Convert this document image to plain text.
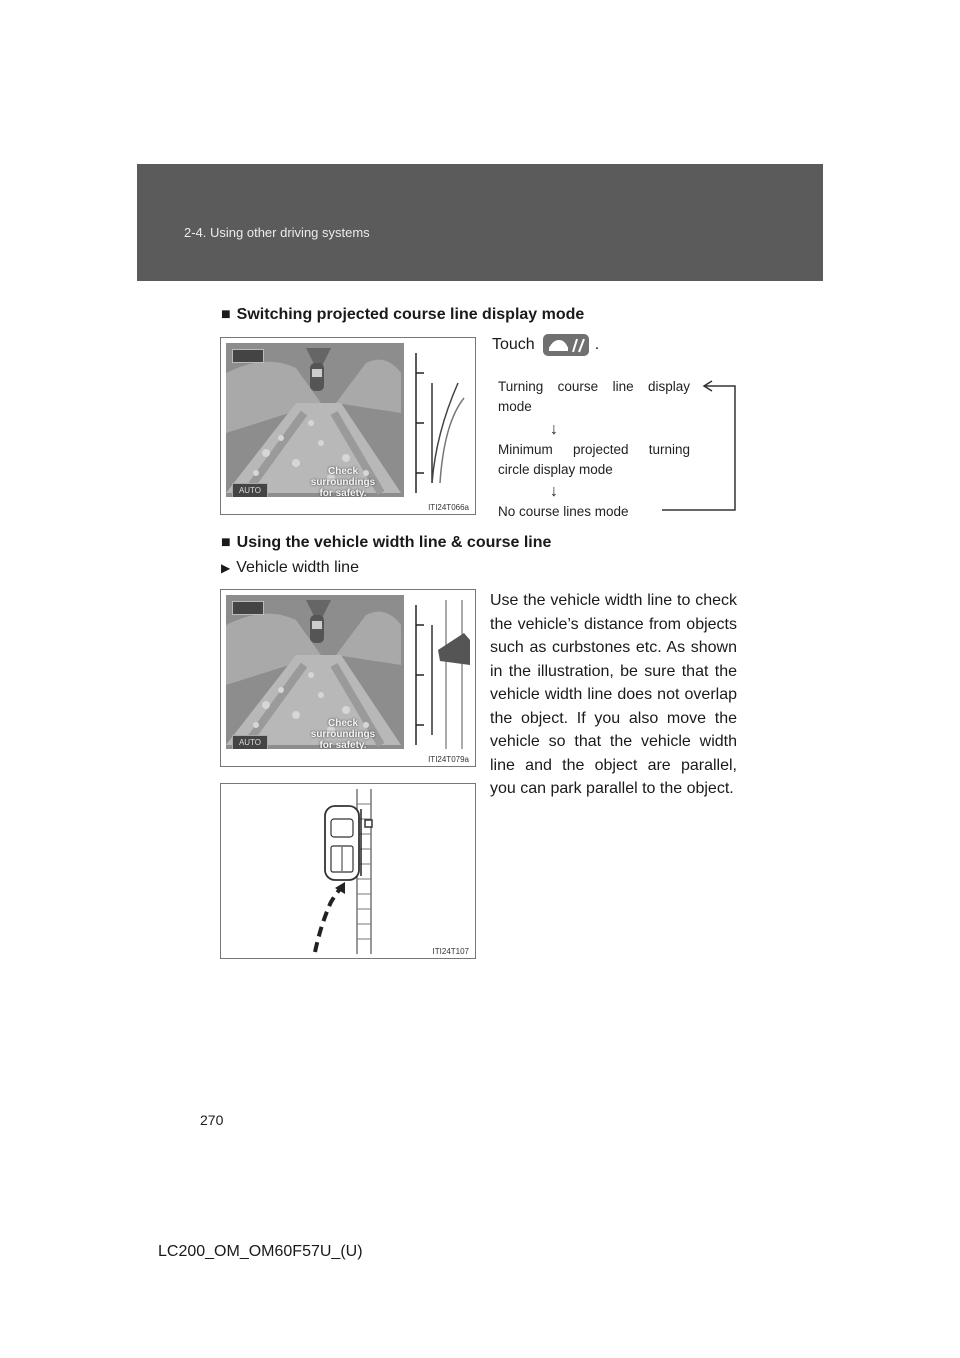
2-4. Using other driving systems
■ Switching projected course line display mode
Touch	.
Check surroundings
for safety.
AUTO
ITI24T066a
Turning course line display mode
↓
Minimum projected turning circle display mode
↓
No course lines mode
■ Using the vehicle width line & course line
▶ Vehicle width line
Check surroundings
for safety.
AUTO
ITI24T079a
ITI24T107
Use the vehicle width line to check the vehicle’s distance from objects such as curbstones etc. As shown in the illustration, be sure that the vehicle width line does not overlap the object. If you also move the vehicle so that the vehicle width line and the object are parallel, you can park parallel to the object.
270
LC200_OM_OM60F57U_(U)
